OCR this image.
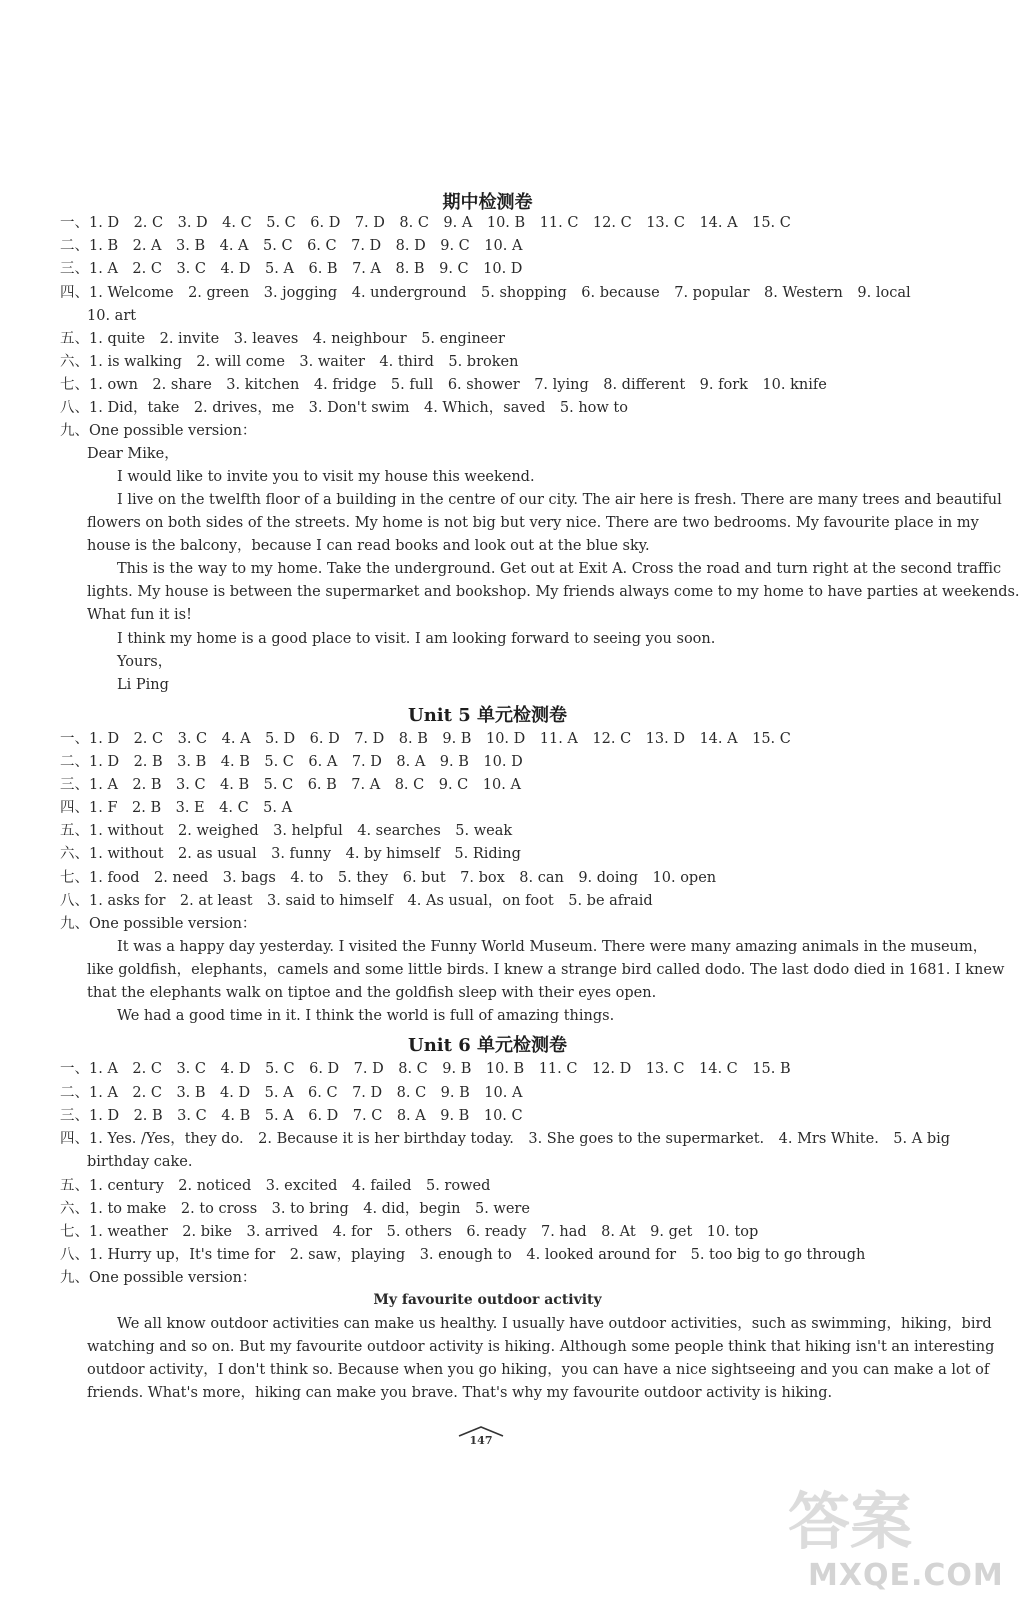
期中检测卷
一、1. D　2. C　3. D　4. C　5. C　6. D　7. D　8. C　9. A　10. B　11. C　12. C　13. C　14. A　15. C
二、1. B　2. A　3. B　4. A　5. C　6. C　7. D　8. D　9. C　10. A
三、1. A　2. C　3. C　4. D　5. A　6. B　7. A　8. B　9. C　10. D
四、1. Welcome　2. green　3. jogging　4. underground　5. shopping　6. because　7. popular　8. Western　9. local
10. art
五、1. quite　2. invite　3. leaves　4. neighbour　5. engineer
六、1. is walking　2. will come　3. waiter　4. third　5. broken
七、1. own　2. share　3. kitchen　4. fridge　5. full　6. shower　7. lying　8. different　9. fork　10. knife
八、1. Did，take　2. drives，me　3. Don't swim　4. Which，saved　5. how to
九、One possible version：
Dear Mike，
I would like to invite you to visit my house this weekend.
I live on the twelfth floor of a building in the centre of our city. The air here is fresh. There are many trees and beautiful
flowers on both sides of the streets. My home is not big but very nice. There are two bedrooms. My favourite place in my
house is the balcony，because I can read books and look out at the blue sky.
This is the way to my home. Take the underground. Get out at Exit A. Cross the road and turn right at the second traffic
lights. My house is between the supermarket and bookshop. My friends always come to my home to have parties at weekends.
What fun it is!
I think my home is a good place to visit. I am looking forward to seeing you soon.
Yours，
Li Ping
Unit 5 单元检测卷
一、1. D　2. C　3. C　4. A　5. D　6. D　7. D　8. B　9. B　10. D　11. A　12. C　13. D　14. A　15. C
二、1. D　2. B　3. B　4. B　5. C　6. A　7. D　8. A　9. B　10. D
三、1. A　2. B　3. C　4. B　5. C　6. B　7. A　8. C　9. C　10. A
四、1. F　2. B　3. E　4. C　5. A
五、1. without　2. weighed　3. helpful　4. searches　5. weak
六、1. without　2. as usual　3. funny　4. by himself　5. Riding
七、1. food　2. need　3. bags　4. to　5. they　6. but　7. box　8. can　9. doing　10. open
八、1. asks for　2. at least　3. said to himself　4. As usual，on foot　5. be afraid
九、One possible version：
It was a happy day yesterday. I visited the Funny World Museum. There were many amazing animals in the museum，
like goldfish，elephants，camels and some little birds. I knew a strange bird called dodo. The last dodo died in 1681. I knew
that the elephants walk on tiptoe and the goldfish sleep with their eyes open.
We had a good time in it. I think the world is full of amazing things.
Unit 6 单元检测卷
一、1. A　2. C　3. C　4. D　5. C　6. D　7. D　8. C　9. B　10. B　11. C　12. D　13. C　14. C　15. B
二、1. A　2. C　3. B　4. D　5. A　6. C　7. D　8. C　9. B　10. A
三、1. D　2. B　3. C　4. B　5. A　6. D　7. C　8. A　9. B　10. C
四、1. Yes. /Yes，they do.　2. Because it is her birthday today.　3. She goes to the supermarket.　4. Mrs White.　5. A big
birthday cake.
五、1. century　2. noticed　3. excited　4. failed　5. rowed
六、1. to make　2. to cross　3. to bring　4. did，begin　5. were
七、1. weather　2. bike　3. arrived　4. for　5. others　6. ready　7. had　8. At　9. get　10. top
八、1. Hurry up，It's time for　2. saw，playing　3. enough to　4. looked around for　5. too big to go through
九、One possible version：
My favourite outdoor activity
We all know outdoor activities can make us healthy. I usually have outdoor activities，such as swimming，hiking，bird
watching and so on. But my favourite outdoor activity is hiking. Although some people think that hiking isn't an interesting
outdoor activity，I don't think so. Because when you go hiking，you can have a nice sightseeing and you can make a lot of
friends. What's more，hiking can make you brave. That's why my favourite outdoor activity is hiking.
147
答案
MXQE.COM
